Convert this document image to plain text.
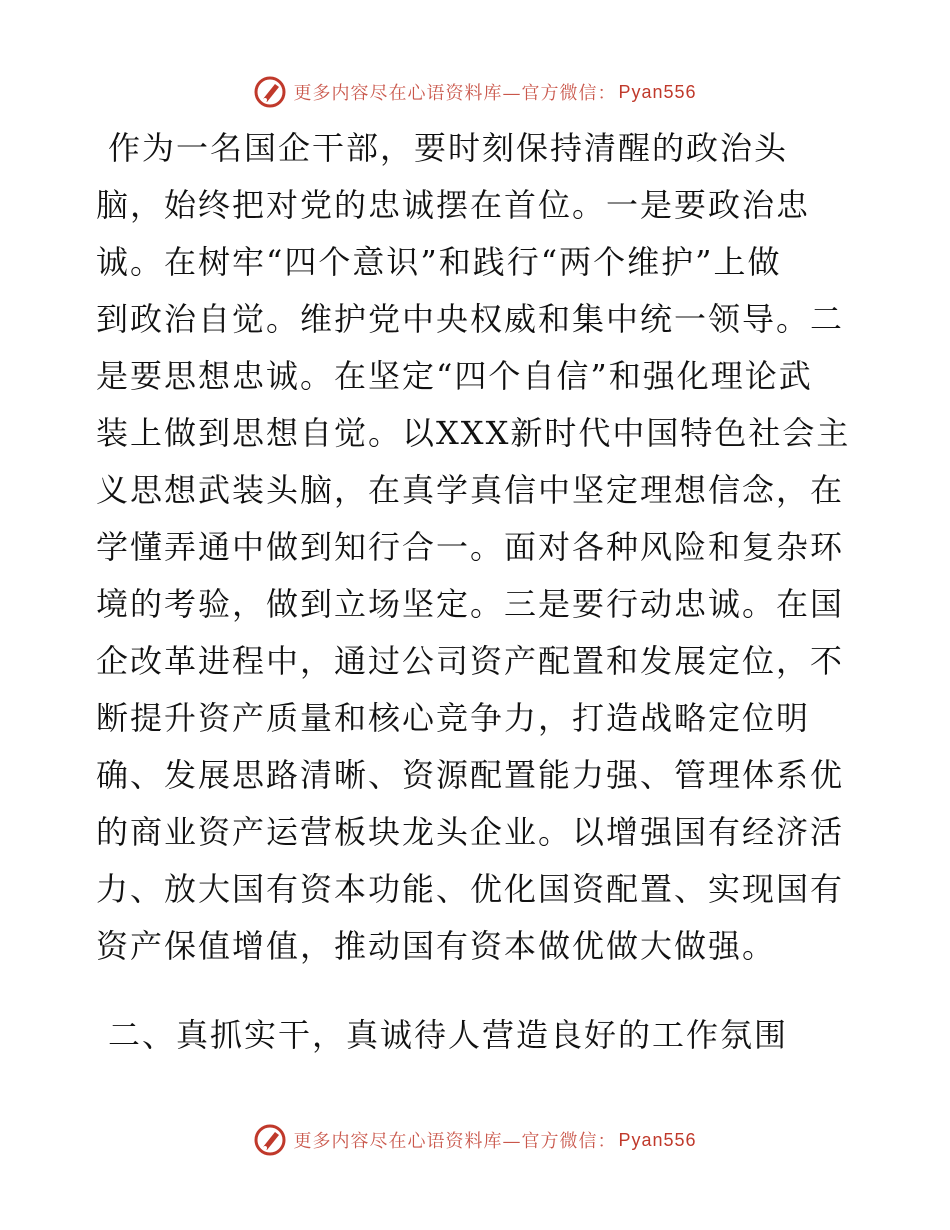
更多内容尽在心语资料库—官方微信： Pyan556
作为一名国企干部，要时刻保持清醒的政治头
脑，始终把对党的忠诚摆在首位。一是要政治忠
诚。在树牢“四个意识”和践行“两个维护”上做
到政治自觉。维护党中央权威和集中统一领导。二
是要思想忠诚。在坚定“四个自信”和强化理论武
装上做到思想自觉。以XXX新时代中国特色社会主
义思想武装头脑，在真学真信中坚定理想信念，在
学懂弄通中做到知行合一。面对各种风险和复杂环
境的考验，做到立场坚定。三是要行动忠诚。在国
企改革进程中，通过公司资产配置和发展定位，不
断提升资产质量和核心竞争力，打造战略定位明
确、发展思路清晰、资源配置能力强、管理体系优
的商业资产运营板块龙头企业。以增强国有经济活
力、放大国有资本功能、优化国资配置、实现国有
资产保值增值，推动国有资本做优做大做强。
二、真抓实干，真诚待人营造良好的工作氛围
更多内容尽在心语资料库—官方微信： Pyan556
